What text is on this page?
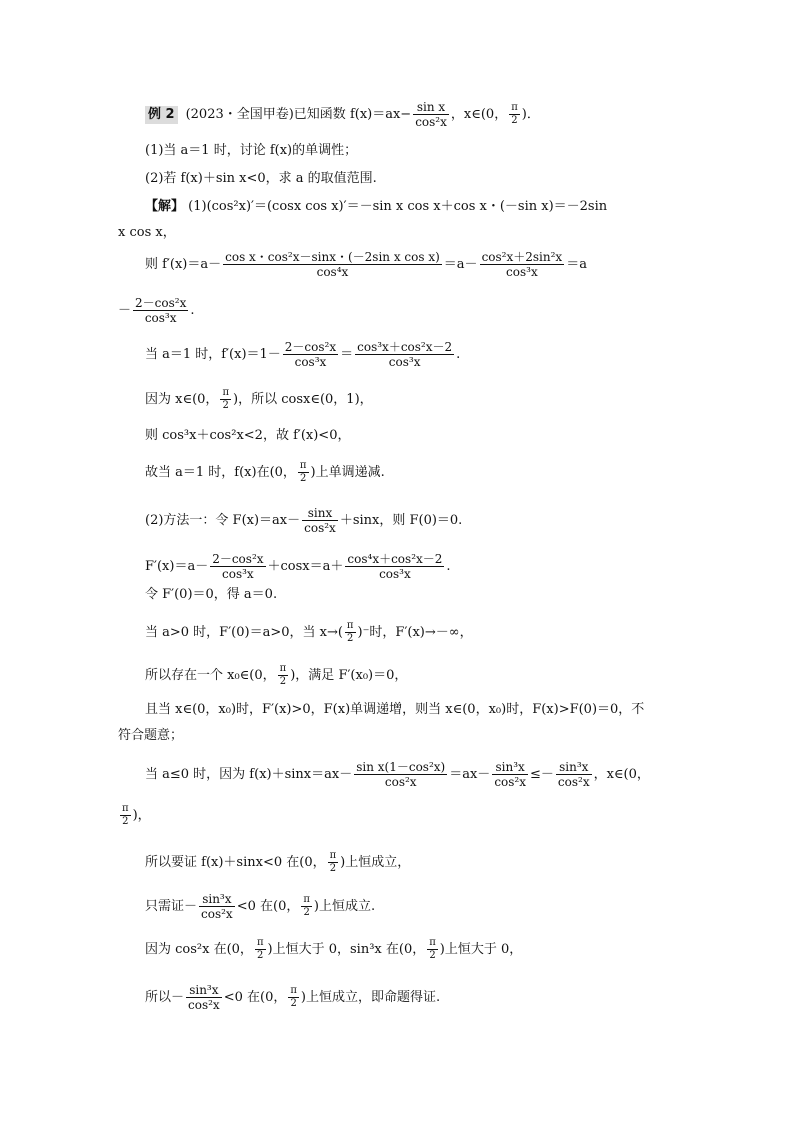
例 2 (2023・全国甲卷)已知函数 $f(x)=ax- \frac{\text{sin x}}{\text{cos²x}}$ ，x∈(0， $\frac{\pi}{2}$ )．
(1)当 a＝1 时，讨论 f(x)的单调性；
(2)若 f(x)＋sin x<0，求 a 的取值范围.
【解】 (1)(cos²x)′＝(cosx cos x)′＝－sin x cos x＋cos x・(－sin x)＝－2sin
x cos x，
则 $f'(x)=a- \frac{\text{cos x・cos²x－sinx・(－2sin x cos x)}}{\text{cos⁴x}} =a- \frac{\text{cos²x＋2sin²x}}{\text{cos³x}} =a$
－ $\frac{\text{2－cos²x}}{\text{cos³x}}$ .
当 a＝1 时，$f'(x)=1- \frac{\text{2－cos²x}}{\text{cos³x}} = \frac{\text{cos³x＋cos²x－2}}{\text{cos³x}}$ .
因为 x∈(0， $\frac{\pi}{2}$ )，所以 cosx∈(0，1)，
则 cos³x＋cos²x<2，故 f′(x)<0，
故当 a＝1 时，f(x)在(0， $\frac{\pi}{2}$ )上单调递减.
(2)方法一：令 $F(x)=ax- \frac{\sin x}{\text{cos²x}} +\sin x$，则 F(0)＝0.
$F'(x)=a- \frac{\text{2－cos²x}}{\text{cos³x}} +\cos x=a+ \frac{\text{cos⁴x＋cos²x－2}}{\text{cos³x}}$ .
令 F′(0)＝0，得 a＝0.
当 a>0 时，F′(0)＝a>0，当 $x\to( \frac{\pi}{2}$ )⁻时，F′(x)→－∞，
所以存在一个 x₀∈(0， $\frac{\pi}{2}$ )，满足 F′(x₀)＝0，
且当 x∈(0，x₀)时，F′(x)>0，F(x)单调递增，则当 x∈(0，x₀)时，F(x)>F(0)＝0，不
符合题意；
当 a≤0 时，因为 $f(x)+\sin x=ax- \frac{\text{sin x(1－cos²x)}}{\text{cos²x}} =ax- \frac{\text{sin³x}}{\text{cos²x}} \le- \frac{\text{sin³x}}{\text{cos²x}}$ ，x∈(0，
$\frac{\pi}{2}$ )，
所以要证 f(x)＋sinx<0 在(0， $\frac{\pi}{2}$ )上恒成立，
只需证－ $\frac{\text{sin³x}}{\text{cos²x}} <0$ 在(0， $\frac{\pi}{2}$ )上恒成立.
因为 cos²x 在(0， $\frac{\pi}{2}$ )上恒大于 0，sin³x 在(0， $\frac{\pi}{2}$ )上恒大于 0，
所以－ $\frac{\text{sin³x}}{\text{cos²x}} <0$ 在(0， $\frac{\pi}{2}$ )上恒成立，即命题得证.
